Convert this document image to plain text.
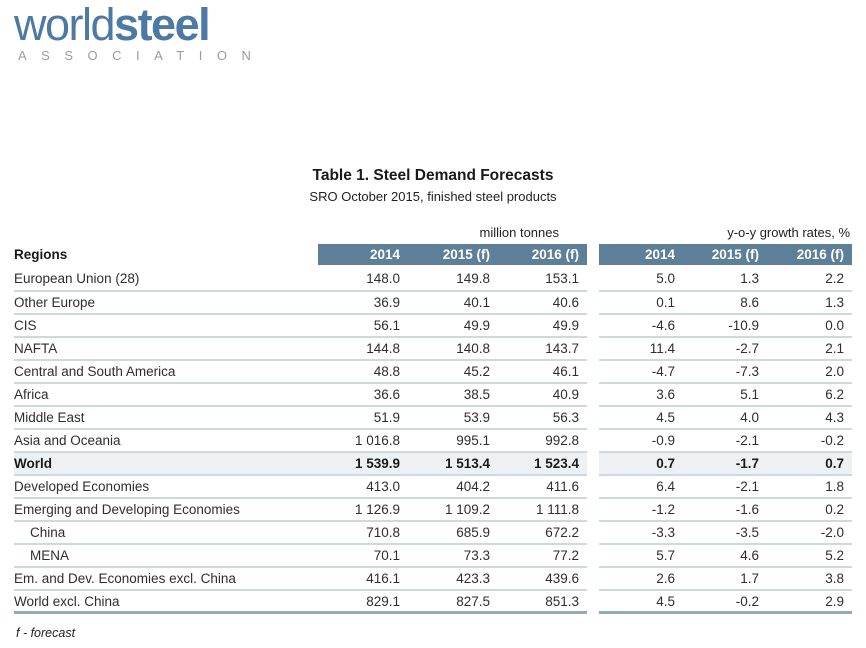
worldsteel
ASSOCIATION
Table 1. Steel Demand Forecasts
SRO October 2015, finished steel products
	million tonnes				y-o-y growth rates, %		
Regions	2014	2015 (f)	2016 (f)		2014	2015 (f)	2016 (f)
European Union (28)	148.0	149.8	153.1		5.0	1.3	2.2
Other Europe	36.9	40.1	40.6		0.1	8.6	1.3
CIS	56.1	49.9	49.9		-4.6	-10.9	0.0
NAFTA	144.8	140.8	143.7		11.4	-2.7	2.1
Central and South America	48.8	45.2	46.1		-4.7	-7.3	2.0
Africa	36.6	38.5	40.9		3.6	5.1	6.2
Middle East	51.9	53.9	56.3		4.5	4.0	4.3
Asia and Oceania	1 016.8	995.1	992.8		-0.9	-2.1	-0.2
World	1 539.9	1 513.4	1 523.4		0.7	-1.7	0.7
Developed Economies	413.0	404.2	411.6		6.4	-2.1	1.8
Emerging and Developing Economies	1 126.9	1 109.2	1 111.8		-1.2	-1.6	0.2
China	710.8	685.9	672.2		-3.3	-3.5	-2.0
MENA	70.1	73.3	77.2		5.7	4.6	5.2
Em. and Dev. Economies excl. China	416.1	423.3	439.6		2.6	1.7	3.8
World excl. China	829.1	827.5	851.3		4.5	-0.2	2.9
f - forecast
